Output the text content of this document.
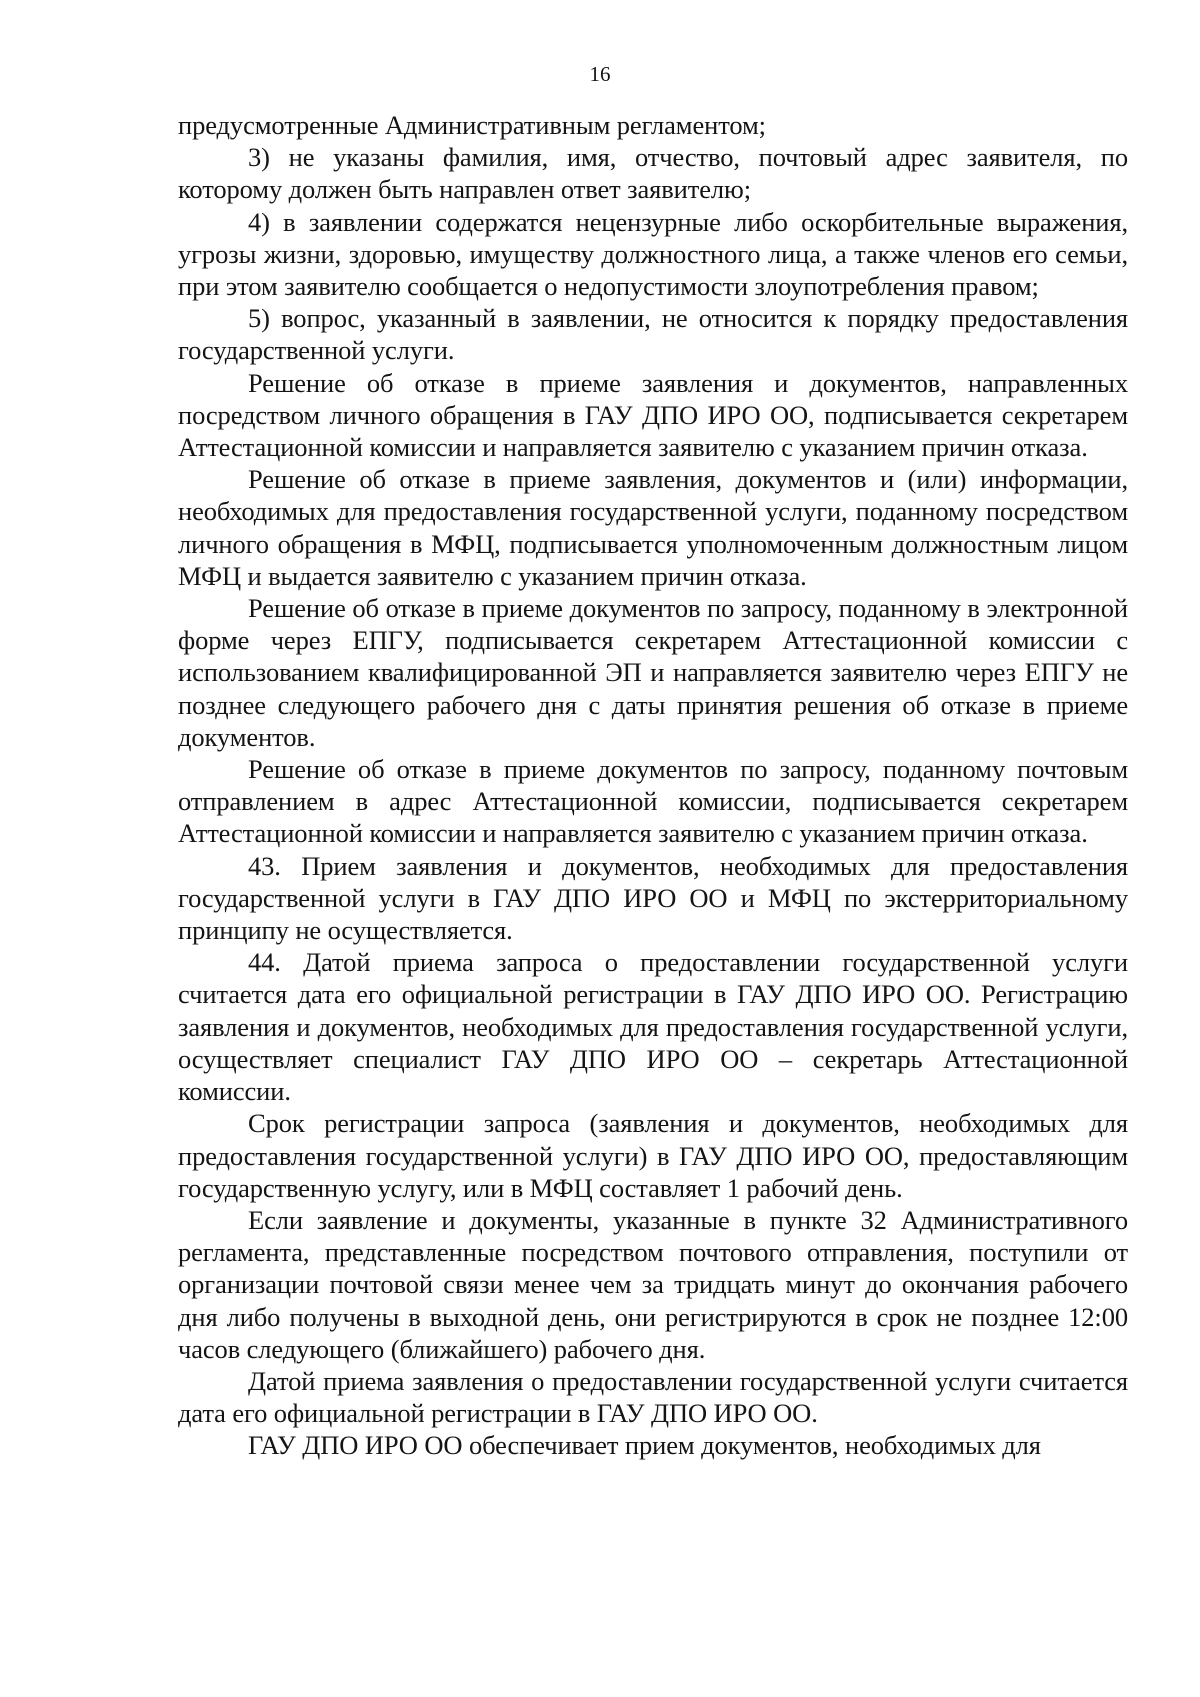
16

предусмотренные Административным регламентом;

3) не указаны фамилия, имя, отчество, почтовый адрес заявителя, по которому должен быть направлен ответ заявителю;

4) в заявлении содержатся нецензурные либо оскорбительные выражения, угрозы жизни, здоровью, имуществу должностного лица, а также членов его семьи, при этом заявителю сообщается о недопустимости злоупотребления правом;

5) вопрос, указанный в заявлении, не относится к порядку предоставления государственной услуги.

Решение об отказе в приеме заявления и документов, направленных посредством личного обращения в ГАУ ДПО ИРО ОО, подписывается секретарем Аттестационной комиссии и направляется заявителю с указанием причин отказа.

Решение об отказе в приеме заявления, документов и (или) информации, необходимых для предоставления государственной услуги, поданному посредством личного обращения в МФЦ, подписывается уполномоченным должностным лицом МФЦ и выдается заявителю с указанием причин отказа.

Решение об отказе в приеме документов по запросу, поданному в электронной форме через ЕПГУ, подписывается секретарем Аттестационной комиссии с использованием квалифицированной ЭП и направляется заявителю через ЕПГУ не позднее следующего рабочего дня с даты принятия решения об отказе в приеме документов.

Решение об отказе в приеме документов по запросу, поданному почтовым отправлением в адрес Аттестационной комиссии, подписывается секретарем Аттестационной комиссии и направляется заявителю с указанием причин отказа.

43. Прием заявления и документов, необходимых для предоставления государственной услуги в ГАУ ДПО ИРО ОО и МФЦ по экстерриториальному принципу не осуществляется.

44. Датой приема запроса о предоставлении государственной услуги считается дата его официальной регистрации в ГАУ ДПО ИРО ОО. Регистрацию заявления и документов, необходимых для предоставления государственной услуги, осуществляет специалист ГАУ ДПО ИРО ОО – секретарь Аттестационной комиссии.

Срок регистрации запроса (заявления и документов, необходимых для предоставления государственной услуги) в ГАУ ДПО ИРО ОО, предоставляющим государственную услугу, или в МФЦ составляет 1 рабочий день.

Если заявление и документы, указанные в пункте 32 Административного регламента, представленные посредством почтового отправления, поступили от организации почтовой связи менее чем за тридцать минут до окончания рабочего дня либо получены в выходной день, они регистрируются в срок не позднее 12:00 часов следующего (ближайшего) рабочего дня.

Датой приема заявления о предоставлении государственной услуги считается дата его официальной регистрации в ГАУ ДПО ИРО ОО.

ГАУ ДПО ИРО ОО обеспечивает прием документов, необходимых для
